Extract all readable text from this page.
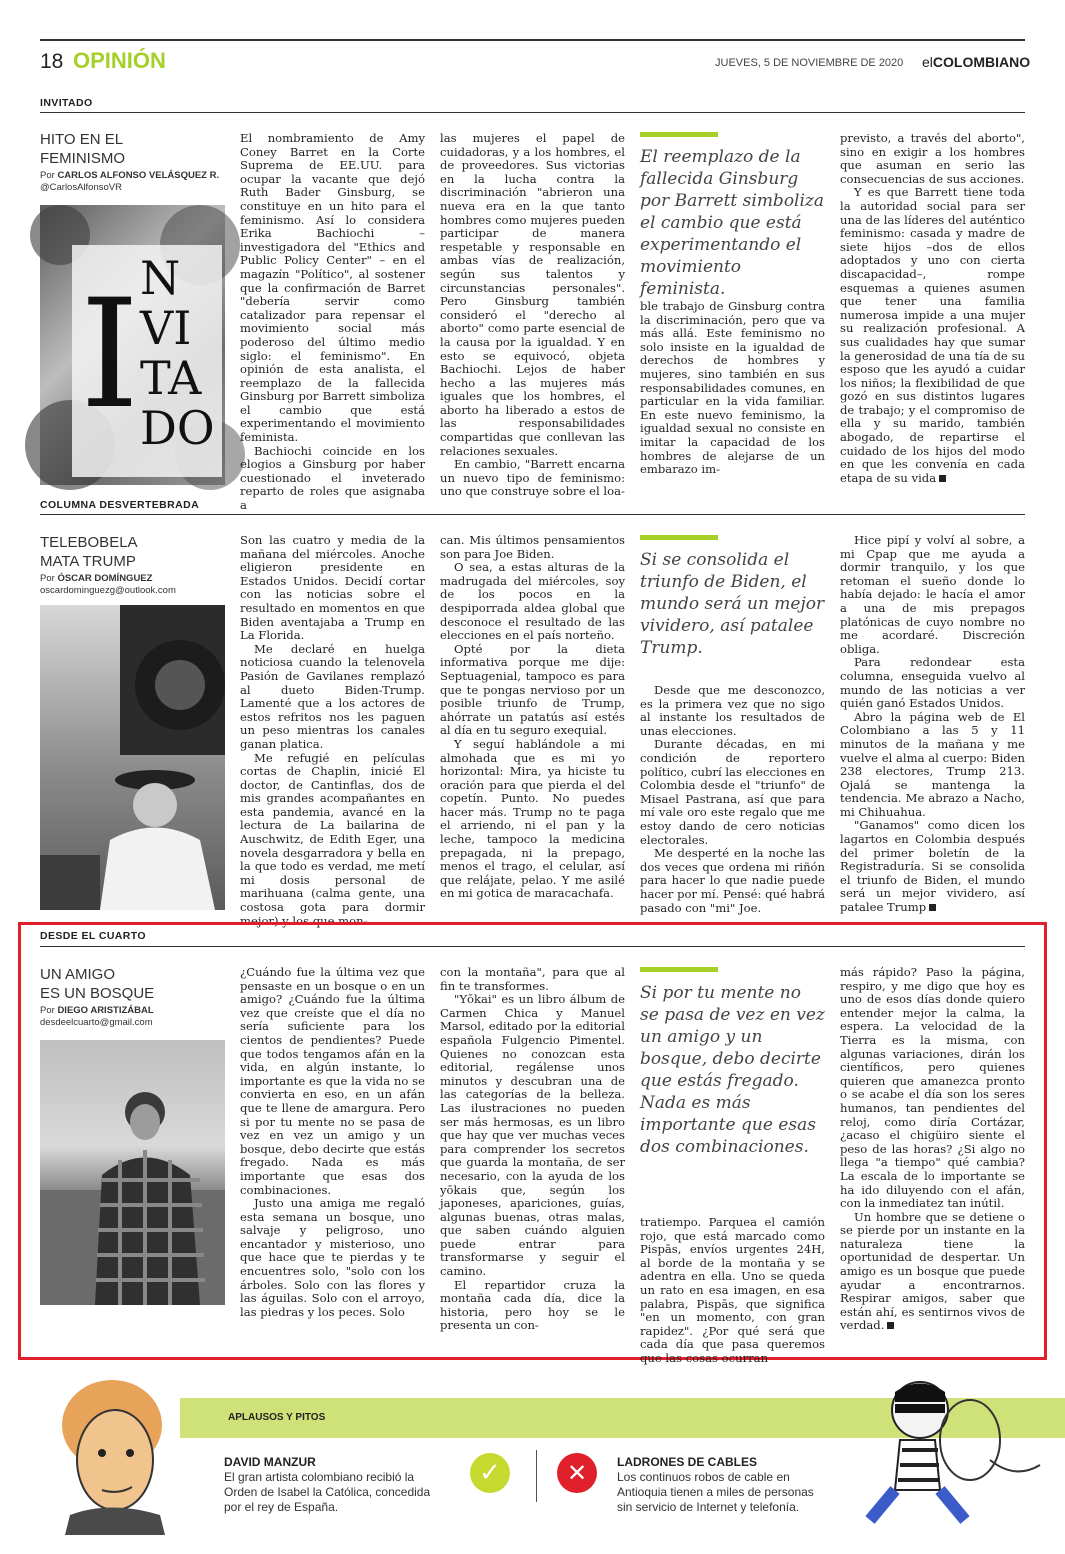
18 OPINIÓN	JUEVES, 5 DE NOVIEMBRE DE 2020 elCOLOMBIANO
INVITADO
HITO EN EL
FEMINISMO
Por CARLOS ALFONSO VELÁSQUEZ R.
@CarlosAlfonsoVR
I N
VI
TA
DO

El nombramiento de Amy Coney Barret en la Corte Suprema de EE.UU. para ocupar la vacante que dejó Ruth Bader Ginsburg, se constituye en un hito para el feminismo. Así lo considera Erika Bachiochi – investigadora del "Ethics and Public Policy Center" – en el magazín "Político", al sostener que la confirmación de Barret "debería servir como catalizador para repensar el movimiento social más poderoso del último medio siglo: el feminismo". En opinión de esta analista, el reemplazo de la fallecida Ginsburg por Barrett simboliza el cambio que está experimentando el movimiento feminista.

Bachiochi coincide en los elogios a Ginsburg por haber cuestionado el inveterado reparto de roles que asignaba a

las mujeres el papel de cuidadoras, y a los hombres, el de proveedores. Sus victorias en la lucha contra la discriminación "abrieron una nueva era en la que tanto hombres como mujeres pueden participar de manera respetable y responsable en ambas vías de realización, según sus talentos y circunstancias personales". Pero Ginsburg también consideró el "derecho al aborto" como parte esencial de la causa por la igualdad. Y en esto se equivocó, objeta Bachiochi. Lejos de haber hecho a las mujeres más iguales que los hombres, el aborto ha liberado a estos de las responsabilidades compartidas que conllevan las relaciones sexuales.

En cambio, "Barrett encarna un nuevo tipo de feminismo: uno que construye sobre el loa-

El reemplazo de la fallecida Ginsburg por Barrett simboliza el cambio que está experimentando el movimiento feminista.

ble trabajo de Ginsburg contra la discriminación, pero que va más allá. Este feminismo no solo insiste en la igualdad de derechos de hombres y mujeres, sino también en sus responsabilidades comunes, en particular en la vida familiar. En este nuevo feminismo, la igualdad sexual no consiste en imitar la capacidad de los hombres de alejarse de un embarazo im-

previsto, a través del aborto", sino en exigir a los hombres que asuman en serio las consecuencias de sus acciones.

Y es que Barrett tiene toda la autoridad social para ser una de las líderes del auténtico feminismo: casada y madre de siete hijos –dos de ellos adoptados y uno con cierta discapacidad–, rompe esquemas a quienes asumen que tener una familia numerosa impide a una mujer su realización profesional. A sus cualidades hay que sumar la generosidad de una tía de su esposo que les ayudó a cuidar los niños; la flexibilidad de que gozó en sus distintos lugares de trabajo; y el compromiso de ella y su marido, también abogado, de repartirse el cuidado de los hijos del modo en que les convenía en cada etapa de su vida

COLUMNA DESVERTEBRADA
TELEBOBELA
MATA TRUMP
Por ÓSCAR DOMÍNGUEZ
oscardominguezg@outlook.com

Son las cuatro y media de la mañana del miércoles. Anoche eligieron presidente en Estados Unidos. Decidí cortar con las noticias sobre el resultado en momentos en que Biden aventajaba a Trump en La Florida.

Me declaré en huelga noticiosa cuando la telenovela Pasión de Gavilanes remplazó al dueto Biden-Trump. Lamenté que a los actores de estos refritos nos les paguen un peso mientras los canales ganan platica.

Me refugié en películas cortas de Chaplin, inicié El doctor, de Cantinflas, dos de mis grandes acompañantes en esta pandemia, avancé en la lectura de La bailarina de Auschwitz, de Edith Eger, una novela desgarradora y bella en la que todo es verdad, me metí mi dosis personal de marihuana (calma gente, una costosa gota para dormir mejor) y los que mon-

can. Mis últimos pensamientos son para Joe Biden.

O sea, a estas alturas de la madrugada del miércoles, soy de los pocos en la despiporrada aldea global que desconoce el resultado de las elecciones en el país norteño.

Opté por la dieta informativa porque me dije: Septuagenial, tampoco es para que te pongas nervioso por un posible triunfo de Trump, ahórrate un patatús así estés al día en tu seguro exequial.

Y seguí hablándole a mi almohada que es mi yo horizontal: Mira, ya hiciste tu oración para que pierda el del copetín. Punto. No puedes hacer más. Trump no te paga el arriendo, ni el pan y la leche, tampoco la medicina prepagada, ni la prepago, menos el trago, el celular, así que relájate, pelao. Y me asilé en mi gotica de maracachafa.

Si se consolida el triunfo de Biden, el mundo será un mejor vividero, así patalee Trump.

Desde que me desconozco, es la primera vez que no sigo al instante los resultados de unas elecciones.

Durante décadas, en mi condición de reportero político, cubrí las elecciones en Colombia desde el "triunfo" de Misael Pastrana, así que para mí vale oro este regalo que me estoy dando de cero noticias electorales.

Me desperté en la noche las dos veces que ordena mi riñón para hacer lo que nadie puede hacer por mí. Pensé: qué habrá pasado con "mi" Joe.

Hice pipí y volví al sobre, a mi Cpap que me ayuda a dormir tranquilo, y los que retoman el sueño donde lo había dejado: le hacía el amor a una de mis prepagos platónicas de cuyo nombre no me acordaré. Discreción obliga.

Para redondear esta columna, enseguida vuelvo al mundo de las noticias a ver quién ganó Estados Unidos.

Abro la página web de El Colombiano a las 5 y 11 minutos de la mañana y me vuelve el alma al cuerpo: Biden 238 electores, Trump 213. Ojalá se mantenga la tendencia. Me abrazo a Nacho, mi Chihuahua.

"Ganamos" como dicen los lagartos en Colombia después del primer boletín de la Registraduría. Si se consolida el triunfo de Biden, el mundo será un mejor vividero, así patalee Trump

DESDE EL CUARTO
UN AMIGO
ES UN BOSQUE
Por DIEGO ARISTIZÁBAL
desdeelcuarto@gmail.com

¿Cuándo fue la última vez que pensaste en un bosque o en un amigo? ¿Cuándo fue la última vez que creíste que el día no sería suficiente para los cientos de pendientes? Puede que todos tengamos afán en la vida, en algún instante, lo importante es que la vida no se convierta en eso, en un afán que te llene de amargura. Pero si por tu mente no se pasa de vez en vez un amigo y un bosque, debo decirte que estás fregado. Nada es más importante que esas dos combinaciones.

Justo una amiga me regaló esta semana un bosque, uno salvaje y peligroso, uno encantador y misterioso, uno que hace que te pierdas y te encuentres solo, "solo con los árboles. Solo con las flores y las águilas. Solo con el arroyo, las piedras y los peces. Solo

con la montaña", para que al fin te transformes.

"Yōkai" es un libro álbum de Carmen Chica y Manuel Marsol, editado por la editorial española Fulgencio Pimentel. Quienes no conozcan esta editorial, regálense unos minutos y descubran una de las categorías de la belleza. Las ilustraciones no pueden ser más hermosas, es un libro que hay que ver muchas veces para comprender los secretos que guarda la montaña, de ser necesario, con la ayuda de los yōkais que, según los japoneses, apariciones, guías, algunas buenas, otras malas, que saben cuándo alguien puede entrar para transformarse y seguir el camino.

El repartidor cruza la montaña cada día, dice la historia, pero hoy se le presenta un con-

Si por tu mente no se pasa de vez en vez un amigo y un bosque, debo decirte que estás fregado. Nada es más importante que esas dos combinaciones.

tratiempo. Parquea el camión rojo, que está marcado como Pispās, envíos urgentes 24H, al borde de la montaña y se adentra en ella. Uno se queda un rato en esa imagen, en esa palabra, Pispās, que significa "en un momento, con gran rapidez". ¿Por qué será que cada día que pasa queremos que las cosas ocurran

más rápido? Paso la página, respiro, y me digo que hoy es uno de esos días donde quiero entender mejor la calma, la espera. La velocidad de la Tierra es la misma, con algunas variaciones, dirán los científicos, pero quienes quieren que amanezca pronto o se acabe el día son los seres humanos, tan pendientes del reloj, como diría Cortázar, ¿acaso el chigüiro siente el peso de las horas? ¿Si algo no llega "a tiempo" qué cambia? La escala de lo importante se ha ido diluyendo con el afán, con la inmediatez tan inútil.

Un hombre que se detiene o se pierde por un instante en la naturaleza tiene la oportunidad de despertar. Un amigo es un bosque que puede ayudar a encontrarnos. Respirar amigos, saber que están ahí, es sentirnos vivos de verdad.

APLAUSOS Y PITOS
DAVID MANZUR
El gran artista colombiano recibió la Orden de Isabel la Católica, concedida por el rey de España.
✓	✕	LADRONES DE CABLES
Los continuos robos de cable en Antioquia tienen a miles de personas sin servicio de Internet y telefonía.
